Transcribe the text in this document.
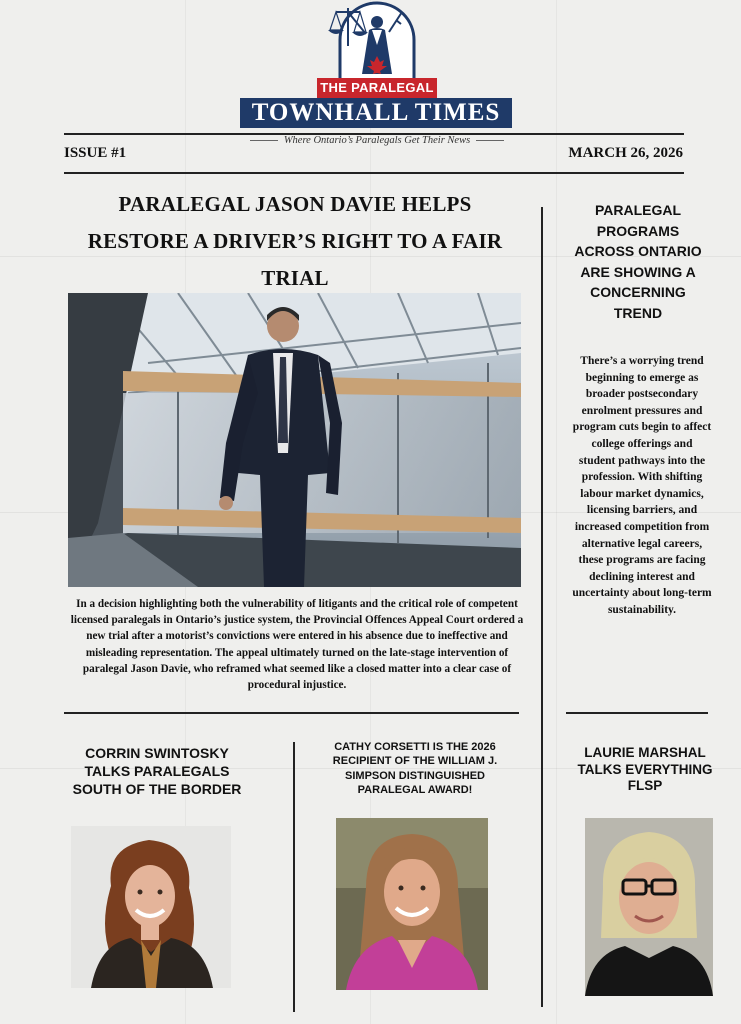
THE PARALEGAL
TOWNHALL TIMES
Where Ontario’s Paralegals Get Their News
ISSUE #1	MARCH 26, 2026
PARALEGAL JASON DAVIE HELPS RESTORE A DRIVER’S RIGHT TO A FAIR TRIAL
In a decision highlighting both the vulnerability of litigants and the critical role of competent licensed paralegals in Ontario’s justice system, the Provincial Offences Appeal Court ordered a new trial after a motorist’s convictions were entered in his absence due to ineffective and misleading representation. The appeal ultimately turned on the late-stage intervention of paralegal Jason Davie, who reframed what seemed like a closed matter into a clear case of procedural injustice.
PARALEGAL PROGRAMS ACROSS ONTARIO ARE SHOWING A CONCERNING TREND
There’s a worrying trend beginning to emerge as broader postsecondary enrolment pressures and program cuts begin to affect college offerings and student pathways into the profession. With shifting labour market dynamics, licensing barriers, and increased competition from alternative legal careers, these programs are facing declining interest and uncertainty about long-term sustainability.
CORRIN SWINTOSKY TALKS PARALEGALS SOUTH OF THE BORDER
CATHY CORSETTI IS THE 2026 RECIPIENT OF THE WILLIAM J. SIMPSON DISTINGUISHED PARALEGAL AWARD!
LAURIE MARSHAL TALKS EVERYTHING FLSP
